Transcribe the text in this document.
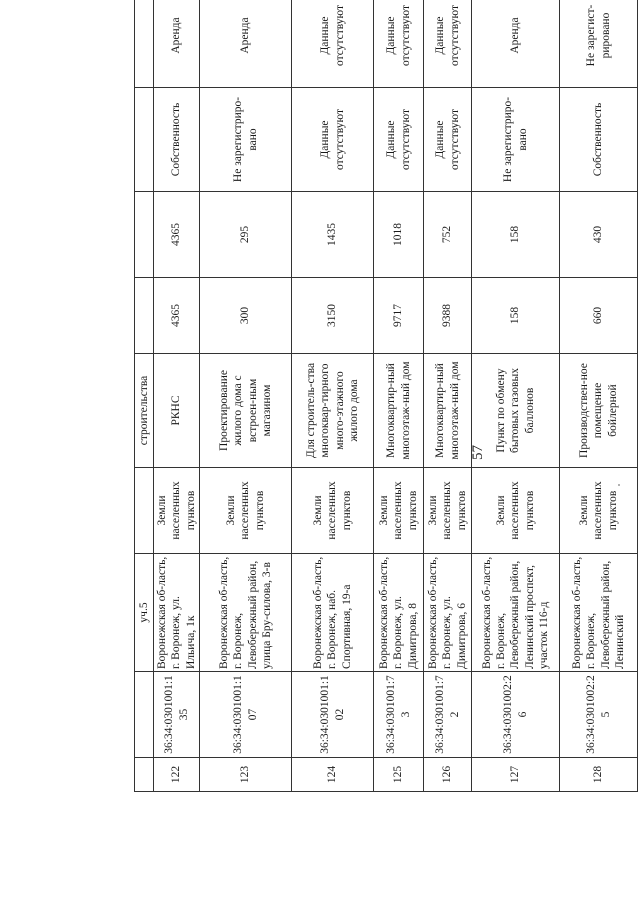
57
		уч.5		строительства				
122	36:34:0301001:135	Воронежская об-ласть, г. Воронеж, ул. Ильича, 1к	Земли населенных пунктов	РКНС	4365	4365	Собственность	Аренда
123	36:34:0301001:107	Воронежская об-ласть, г. Воронеж, Левобережный район, улица Бру-силова, 3-в	Земли населенных пунктов	Проектирование жилого дома с встроен-ным магазином	300	295	Не зарегистриро-вано	Аренда
124	36:34:0301001:102	Воронежская об-ласть, г. Воронеж, наб. Спортивная, 19-а	Земли населенных пунктов	Для строитель-ства многоквар-тирного много-этажного жилого дома	3150	1435	Данные отсутствуют	Данные отсутствуют
125	36:34:0301001:73	Воронежская об-ласть, г. Воронеж, ул. Димитрова, 8	Земли населенных пунктов	Многоквартир-ный многоэтаж-ный дом	9717	1018	Данные отсутствуют	Данные отсутствуют
126	36:34:0301001:72	Воронежская об-ласть, г. Воронеж, ул. Димитрова, 6	Земли населенных пунктов	Многоквартир-ный многоэтаж-ный дом	9388	752	Данные отсутствуют	Данные отсутствуют
127	36:34:0301002:26	Воронежская об-ласть, г. Воронеж, Левобережный район, Ленинский проспект, участок 116-д	Земли населенных пунктов	Пункт по обмену бытовых газовых баллонов	158	158	Не зарегистриро-вано	Аренда
128	36:34:0301002:25	Воронежская об-ласть, г. Воронеж, Левобережный район, Ленинский	Земли населенных пунктов	Производствен-ное помещение бойлерной	660	430	Собственность	Не зарегист-рировано
